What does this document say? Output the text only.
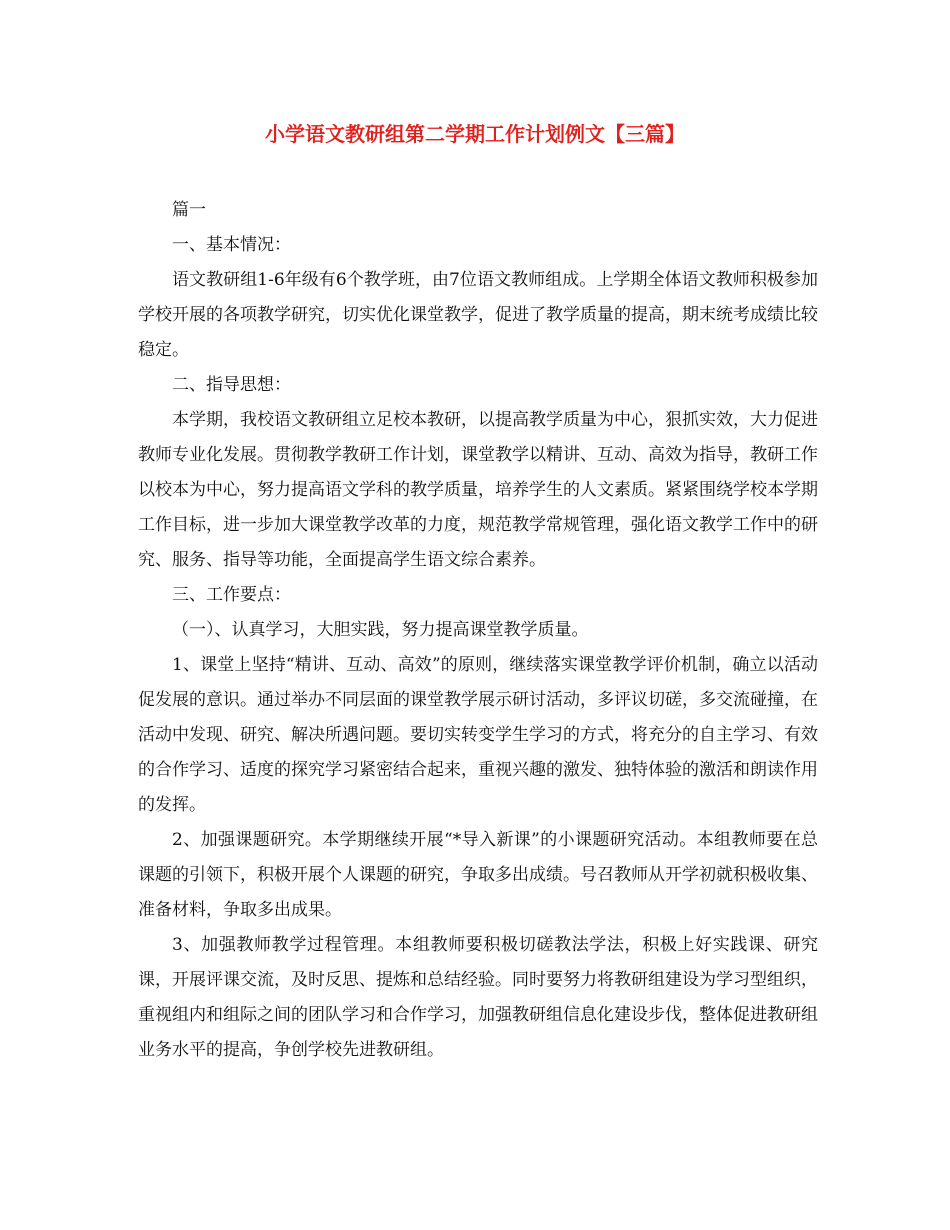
小学语文教研组第二学期工作计划例文【三篇】

篇一

一、基本情况：

语文教研组1-6年级有6个教学班，由7位语文教师组成。上学期全体语文教师积极参加学校开展的各项教学研究，切实优化课堂教学，促进了教学质量的提高，期末统考成绩比较稳定。

二、指导思想：

本学期，我校语文教研组立足校本教研，以提高教学质量为中心，狠抓实效，大力促进教师专业化发展。贯彻教学教研工作计划，课堂教学以精讲、互动、高效为指导，教研工作以校本为中心，努力提高语文学科的教学质量，培养学生的人文素质。紧紧围绕学校本学期工作目标，进一步加大课堂教学改革的力度，规范教学常规管理，强化语文教学工作中的研究、服务、指导等功能，全面提高学生语文综合素养。

三、工作要点：

（一）、认真学习，大胆实践，努力提高课堂教学质量。

1、课堂上坚持“精讲、互动、高效”的原则，继续落实课堂教学评价机制，确立以活动促发展的意识。通过举办不同层面的课堂教学展示研讨活动，多评议切磋，多交流碰撞，在活动中发现、研究、解决所遇问题。要切实转变学生学习的方式，将充分的自主学习、有效的合作学习、适度的探究学习紧密结合起来，重视兴趣的激发、独特体验的激活和朗读作用的发挥。

2、加强课题研究。本学期继续开展“*导入新课”的小课题研究活动。本组教师要在总课题的引领下，积极开展个人课题的研究，争取多出成绩。号召教师从开学初就积极收集、准备材料，争取多出成果。

3、加强教师教学过程管理。本组教师要积极切磋教法学法，积极上好实践课、研究课，开展评课交流，及时反思、提炼和总结经验。同时要努力将教研组建设为学习型组织，重视组内和组际之间的团队学习和合作学习，加强教研组信息化建设步伐，整体促进教研组业务水平的提高，争创学校先进教研组。
